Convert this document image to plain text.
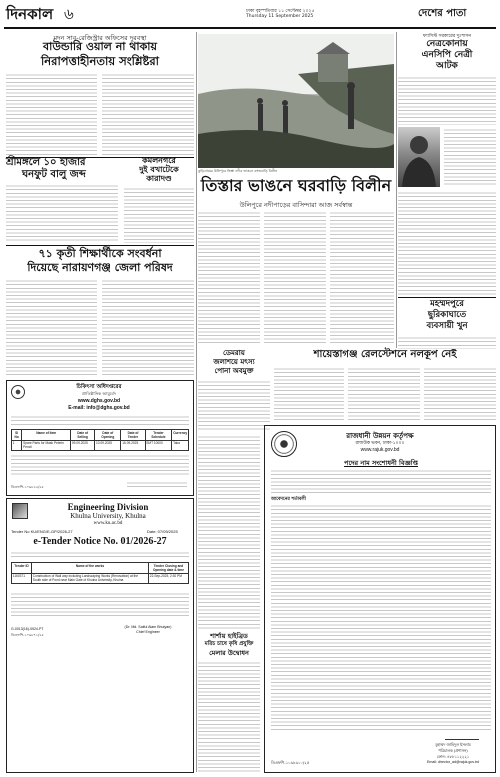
দিনকাল ৬	ঢাকা বৃহস্পতিবার ১১ সেপ্টেম্বর ২০২৫
Thursday 11 September 2025	দেশের পাতা
মদন সাব-রেজিস্ট্রার অফিসের দুরবস্থা
বাউন্ডারি ওয়াল না থাকায়
নিরাপত্তাহীনতায় সংশ্লিষ্টরা
শ্রীমঙ্গলে ১০ হাজার
ঘনফুট বালু জব্দ
কমলনগরে
দুই বখাটেকে
কারাদণ্ড
৭১ কৃতী শিক্ষার্থীকে সংবর্ধনা
দিয়েছে নারায়ণগঞ্জ জেলা পরিষদ
চিকিৎসা অধিদপ্তরের
প্রাতিষ্ঠানিক আয়ুর্বেদ
www.dghs.gov.bd
E-mail: info@dghs.gov.bd
Sl No	Name of Item	Date of Selling	Date of Opening	Date of Tender	Tender Schedule	Currency
1	Spare Parts for Mask Pelerin Pencil	09.09.2025	10.09.2025	16.09.2025	SMT 10000	Taka
ডিএফপি-১০৯৮২২/২৫
Engineering Division
Khulna University, Khulna
www.ku.ac.bd
Tender No KU/ENG/E-GP/2026-27	Date: 07/09/2025
e-Tender Notice No. 01/2026-27
Tender ID	Name of the works	Tender Closing and Opening date & time
1160371	Construction of Wall way including Landscaping Works (Renovation) at the South side of Pond near Main Gate of Khulna University, Khulna	22-Sep-2025, 2:30 PM
(Dr. Md. Saiful Alam Bhuiyan)
Chief Engineer
G-0013(16)-0924-PT
ডিএফপি-১০৯৮৭১/২৫
কুড়িগ্রামের উলিপুরে তিস্তা নদীর ভাঙনে বসতবাড়ি বিলীন
তিস্তার ভাঙনে ঘরবাড়ি বিলীন
উলিপুরে নদীপাড়ের বাসিন্দারা আজ সর্বস্বান্ত
ডেমরায়
জলাশয়ে মৎস্য
পোনা অবমুক্ত
শায়েস্তাগঞ্জ রেলস্টেশনে নলকূপ নেই
শার্শায় হাইব্রিড
মরিচ চাষে কৃষি প্রযুক্তি
মেলার উদ্বোধন
রাজধানী উন্নয়ন কর্তৃপক্ষ
রাজউক ভবন, ঢাকা-১০০০
www.rajuk.gov.bd
পদের নাম সংশোধনী বিজ্ঞপ্তি
আবেদনের শর্তাবলী
মুহাম্মদ জাহিদুল ইসলাম
পরিচালক (প্রশাসন)
ফোন: ৪৮৮১১২২২১
Email: director_ad@rajuk.gov.bd
ডিএফপি-১০৯৮৯১০/২৫
ফ্যাসিস্ট সরকারের দুঃশাসন
নেত্রকোনায়
এনসিপি নেত্রী
আটক
মহম্মদপুরে
ছুরিকাঘাতে
ব্যবসায়ী খুন
